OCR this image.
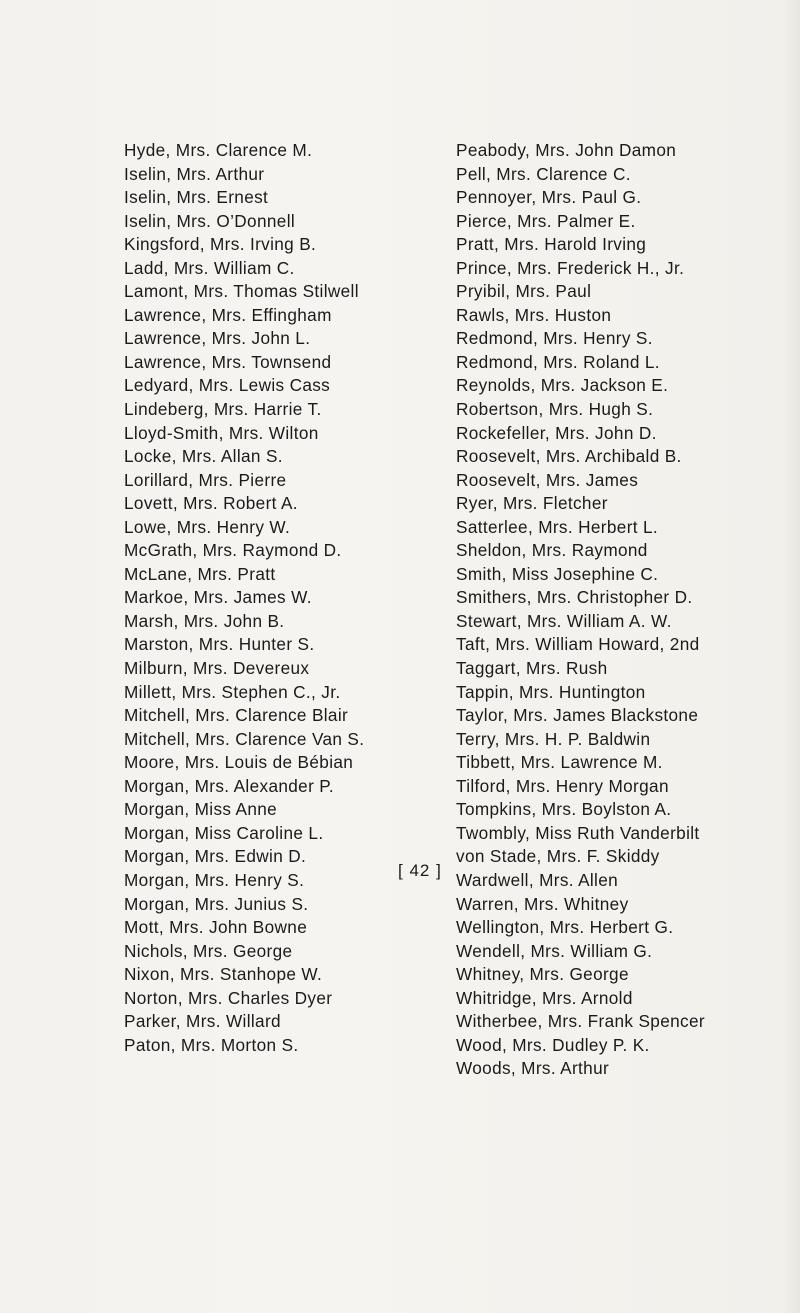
Hyde, Mrs. Clarence M.
Iselin, Mrs. Arthur
Iselin, Mrs. Ernest
Iselin, Mrs. O’Donnell
Kingsford, Mrs. Irving B.
Ladd, Mrs. William C.
Lamont, Mrs. Thomas Stilwell
Lawrence, Mrs. Effingham
Lawrence, Mrs. John L.
Lawrence, Mrs. Townsend
Ledyard, Mrs. Lewis Cass
Lindeberg, Mrs. Harrie T.
Lloyd-Smith, Mrs. Wilton
Locke, Mrs. Allan S.
Lorillard, Mrs. Pierre
Lovett, Mrs. Robert A.
Lowe, Mrs. Henry W.
McGrath, Mrs. Raymond D.
McLane, Mrs. Pratt
Markoe, Mrs. James W.
Marsh, Mrs. John B.
Marston, Mrs. Hunter S.
Milburn, Mrs. Devereux
Millett, Mrs. Stephen C., Jr.
Mitchell, Mrs. Clarence Blair
Mitchell, Mrs. Clarence Van S.
Moore, Mrs. Louis de Bébian
Morgan, Mrs. Alexander P.
Morgan, Miss Anne
Morgan, Miss Caroline L.
Morgan, Mrs. Edwin D.
Morgan, Mrs. Henry S.
Morgan, Mrs. Junius S.
Mott, Mrs. John Bowne
Nichols, Mrs. George
Nixon, Mrs. Stanhope W.
Norton, Mrs. Charles Dyer
Parker, Mrs. Willard
Paton, Mrs. Morton S.
Peabody, Mrs. John Damon
Pell, Mrs. Clarence C.
Pennoyer, Mrs. Paul G.
Pierce, Mrs. Palmer E.
Pratt, Mrs. Harold Irving
Prince, Mrs. Frederick H., Jr.
Pryibil, Mrs. Paul
Rawls, Mrs. Huston
Redmond, Mrs. Henry S.
Redmond, Mrs. Roland L.
Reynolds, Mrs. Jackson E.
Robertson, Mrs. Hugh S.
Rockefeller, Mrs. John D.
Roosevelt, Mrs. Archibald B.
Roosevelt, Mrs. James
Ryer, Mrs. Fletcher
Satterlee, Mrs. Herbert L.
Sheldon, Mrs. Raymond
Smith, Miss Josephine C.
Smithers, Mrs. Christopher D.
Stewart, Mrs. William A. W.
Taft, Mrs. William Howard, 2nd
Taggart, Mrs. Rush
Tappin, Mrs. Huntington
Taylor, Mrs. James Blackstone
Terry, Mrs. H. P. Baldwin
Tibbett, Mrs. Lawrence M.
Tilford, Mrs. Henry Morgan
Tompkins, Mrs. Boylston A.
Twombly, Miss Ruth Vanderbilt
von Stade, Mrs. F. Skiddy
Wardwell, Mrs. Allen
Warren, Mrs. Whitney
Wellington, Mrs. Herbert G.
Wendell, Mrs. William G.
Whitney, Mrs. George
Whitridge, Mrs. Arnold
Witherbee, Mrs. Frank Spencer
Wood, Mrs. Dudley P. K.
Woods, Mrs. Arthur
[ 42 ]
